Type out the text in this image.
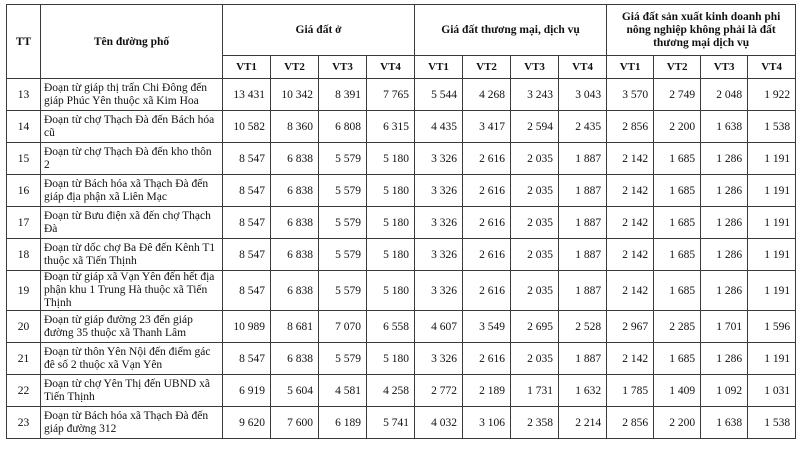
TT	Tên đường phố	Giá đất ở				Giá đất thương mại, dịch vụ				Giá đất sản xuất kinh doanh phi nông nghiệp không phải là đất thương mại dịch vụ			
		VT1	VT2	VT3	VT4	VT1	VT2	VT3	VT4	VT1	VT2	VT3	VT4
13	Đoạn từ giáp thị trấn Chi Đông đến giáp Phúc Yên thuộc xã Kim Hoa	13 431	10 342	8 391	7 765	5 544	4 268	3 243	3 043	3 570	2 749	2 048	1 922
14	Đoạn từ chợ Thạch Đà đến Bách hóa cũ	10 582	8 360	6 808	6 315	4 435	3 417	2 594	2 435	2 856	2 200	1 638	1 538
15	Đoạn từ chợ Thạch Đà đến kho thôn 2	8 547	6 838	5 579	5 180	3 326	2 616	2 035	1 887	2 142	1 685	1 286	1 191
16	Đoạn từ Bách hóa xã Thạch Đà đến giáp địa phận xã Liên Mạc	8 547	6 838	5 579	5 180	3 326	2 616	2 035	1 887	2 142	1 685	1 286	1 191
17	Đoạn từ Bưu điện xã đến chợ Thạch Đà	8 547	6 838	5 579	5 180	3 326	2 616	2 035	1 887	2 142	1 685	1 286	1 191
18	Đoạn từ dốc chợ Ba Đê đến Kênh T1 thuộc xã Tiến Thịnh	8 547	6 838	5 579	5 180	3 326	2 616	2 035	1 887	2 142	1 685	1 286	1 191
19	Đoạn từ giáp xã Vạn Yên đến hết địa phận khu 1 Trung Hà thuộc xã Tiến Thịnh	8 547	6 838	5 579	5 180	3 326	2 616	2 035	1 887	2 142	1 685	1 286	1 191
20	Đoạn từ giáp đường 23 đến giáp đường 35 thuộc xã Thanh Lâm	10 989	8 681	7 070	6 558	4 607	3 549	2 695	2 528	2 967	2 285	1 701	1 596
21	Đoạn từ thôn Yên Nội đến điểm gác đê số 2 thuộc xã Vạn Yên	8 547	6 838	5 579	5 180	3 326	2 616	2 035	1 887	2 142	1 685	1 286	1 191
22	Đoạn từ chợ Yên Thị đến UBND xã Tiến Thịnh	6 919	5 604	4 581	4 258	2 772	2 189	1 731	1 632	1 785	1 409	1 092	1 031
23	Đoạn từ Bách hóa xã Thạch Đà đến giáp đường 312	9 620	7 600	6 189	5 741	4 032	3 106	2 358	2 214	2 856	2 200	1 638	1 538
